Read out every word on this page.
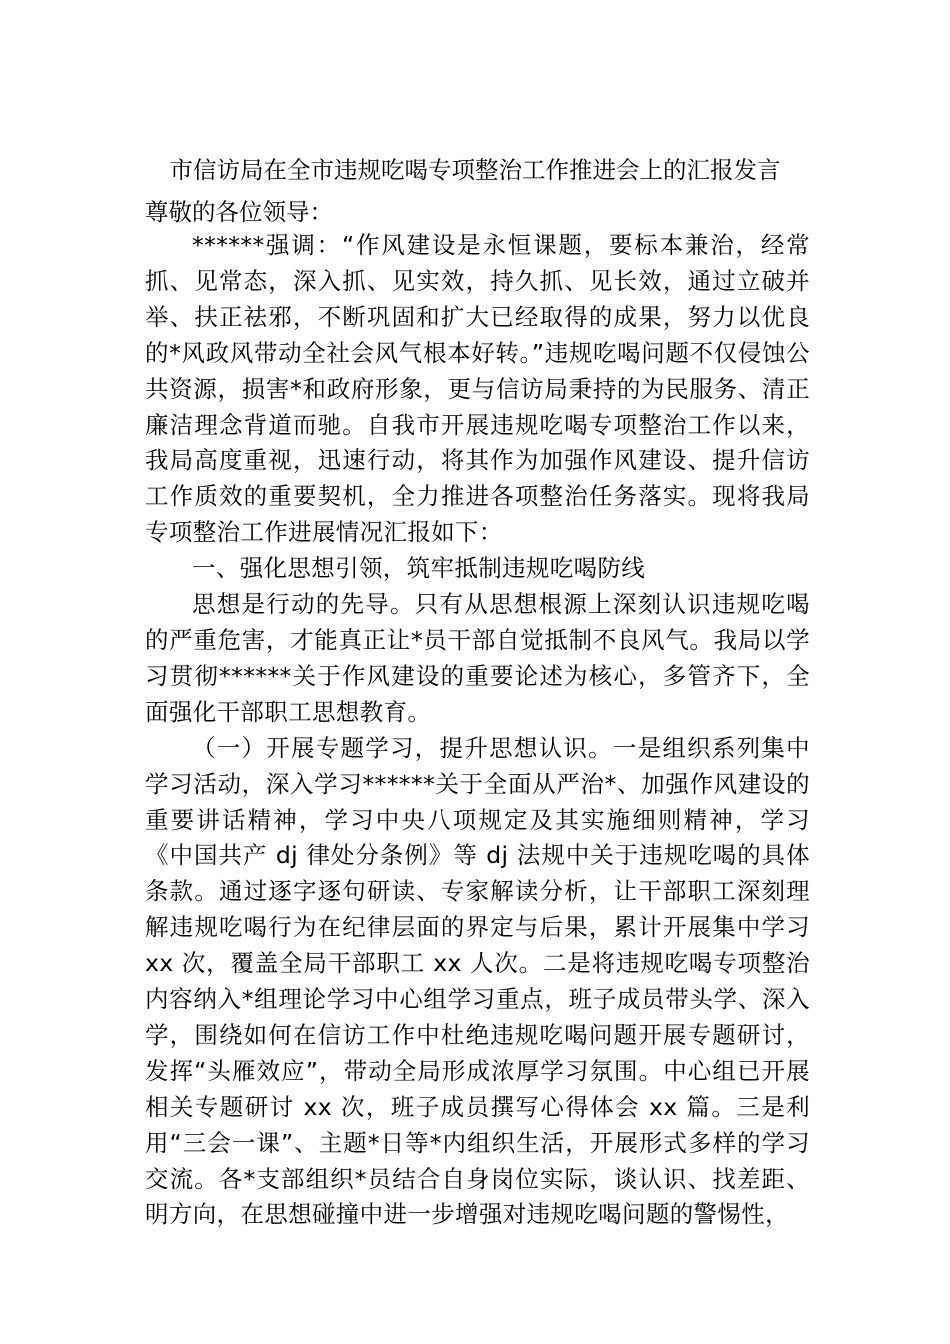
市信访局在全市违规吃喝专项整治工作推进会上的汇报发言
尊敬的各位领导：

******强调：“作风建设是永恒课题，要标本兼治，经常抓、见常态，深入抓、见实效，持久抓、见长效，通过立破并举、扶正祛邪，不断巩固和扩大已经取得的成果，努力以优良的*风政风带动全社会风气根本好转。”违规吃喝问题不仅侵蚀公共资源，损害*和政府形象，更与信访局秉持的为民服务、清正廉洁理念背道而驰。自我市开展违规吃喝专项整治工作以来，我局高度重视，迅速行动，将其作为加强作风建设、提升信访工作质效的重要契机，全力推进各项整治任务落实。现将我局专项整治工作进展情况汇报如下：

一、强化思想引领，筑牢抵制违规吃喝防线

思想是行动的先导。只有从思想根源上深刻认识违规吃喝的严重危害，才能真正让*员干部自觉抵制不良风气。我局以学习贯彻******关于作风建设的重要论述为核心，多管齐下，全面强化干部职工思想教育。

（一）开展专题学习，提升思想认识。一是组织系列集中学习活动，深入学习******关于全面从严治*、加强作风建设的重要讲话精神，学习中央八项规定及其实施细则精神，学习《中国共产 dj 律处分条例》等 dj 法规中关于违规吃喝的具体条款。通过逐字逐句研读、专家解读分析，让干部职工深刻理解违规吃喝行为在纪律层面的界定与后果，累计开展集中学习 xx 次，覆盖全局干部职工 xx 人次。二是将违规吃喝专项整治内容纳入*组理论学习中心组学习重点，班子成员带头学、深入学，围绕如何在信访工作中杜绝违规吃喝问题开展专题研讨，发挥“头雁效应”，带动全局形成浓厚学习氛围。中心组已开展相关专题研讨 xx 次，班子成员撰写心得体会 xx 篇。三是利用“三会一课”、主题*日等*内组织生活，开展形式多样的学习交流。各*支部组织*员结合自身岗位实际，谈认识、找差距、明方向，在思想碰撞中进一步增强对违规吃喝问题的警惕性，
